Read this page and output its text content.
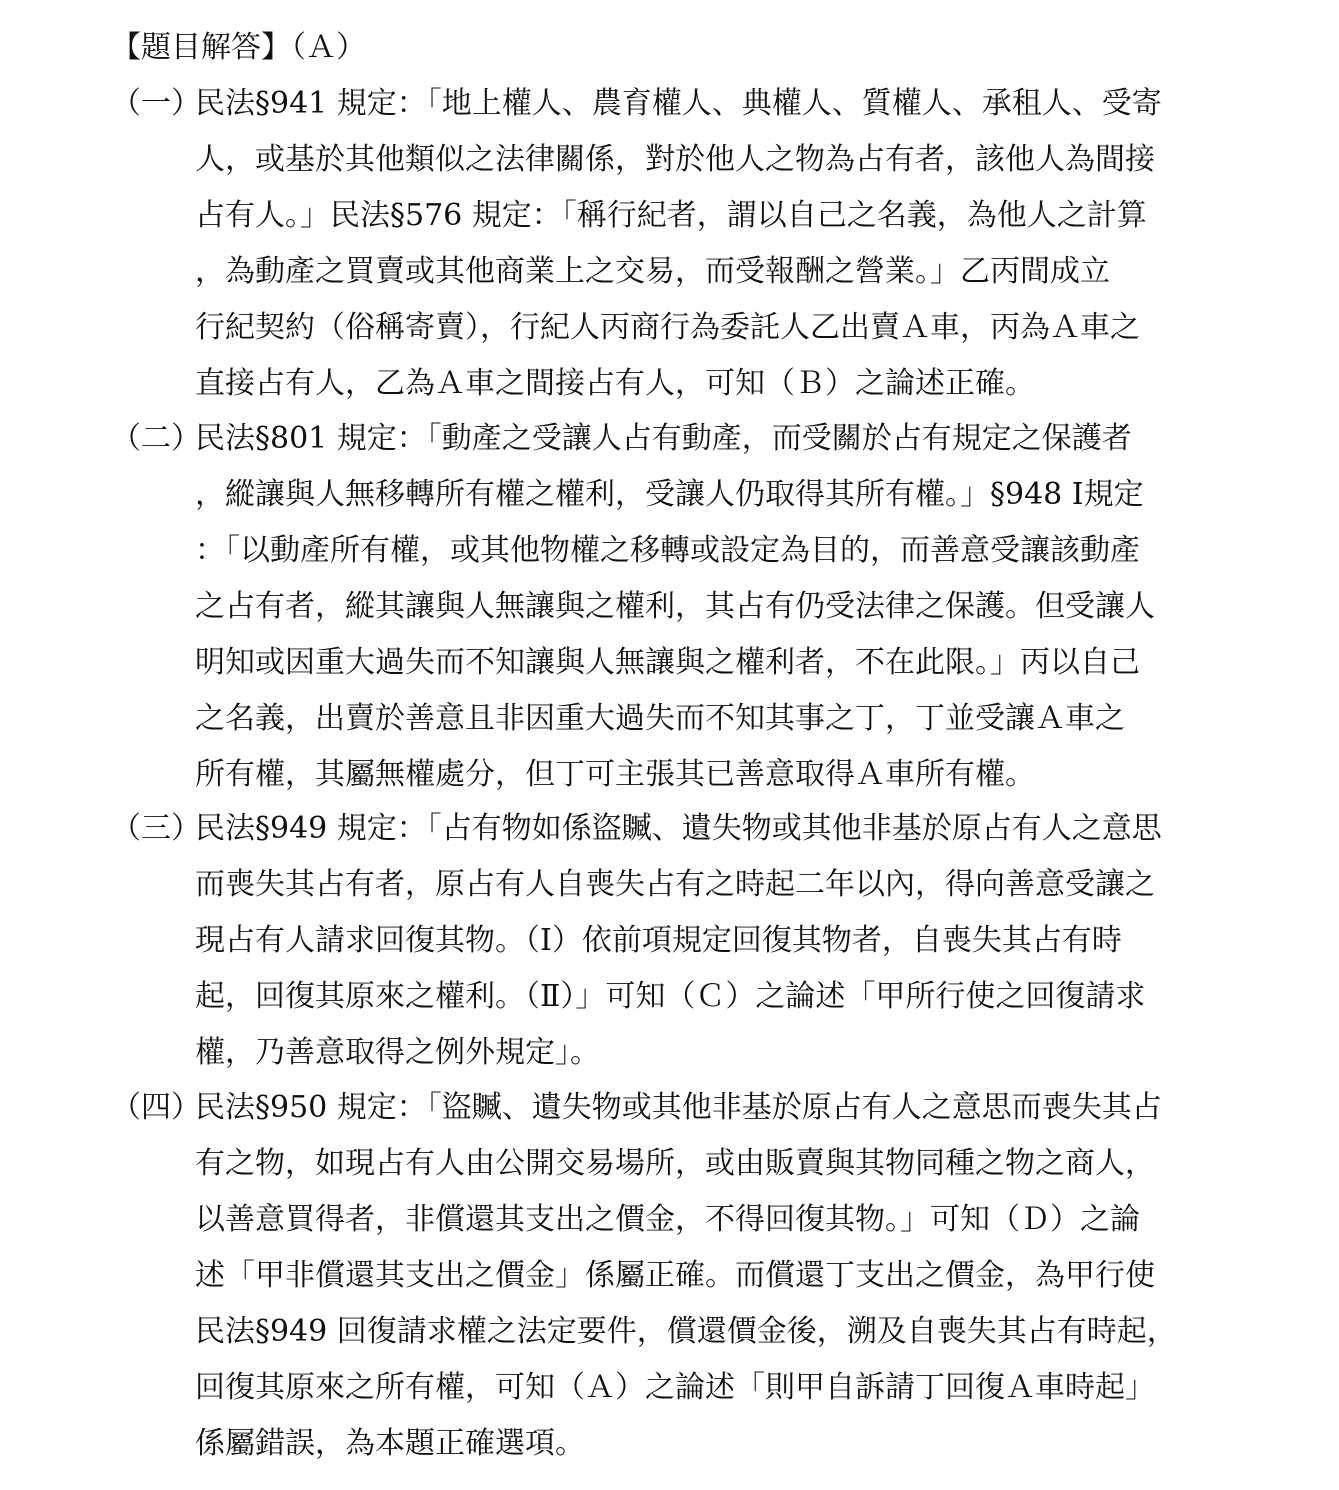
【題目解答】（Ａ）
（一）
民法§941 規定：「地上權人、農育權人、典權人、質權人、承租人、受寄
人，或基於其他類似之法律關係，對於他人之物為占有者，該他人為間接
占有人。」民法§576 規定：「稱行紀者，謂以自己之名義，為他人之計算
，為動產之買賣或其他商業上之交易，而受報酬之營業。」乙丙間成立
行紀契約（俗稱寄賣），行紀人丙商行為委託人乙出賣Ａ車，丙為Ａ車之
直接占有人，乙為Ａ車之間接占有人，可知（Ｂ）之論述正確。
（二）
民法§801 規定：「動產之受讓人占有動產，而受關於占有規定之保護者
，縱讓與人無移轉所有權之權利，受讓人仍取得其所有權。」§948 Ⅰ規定
：「以動產所有權，或其他物權之移轉或設定為目的，而善意受讓該動產
之占有者，縱其讓與人無讓與之權利，其占有仍受法律之保護。但受讓人
明知或因重大過失而不知讓與人無讓與之權利者，不在此限。」丙以自己
之名義，出賣於善意且非因重大過失而不知其事之丁，丁並受讓Ａ車之
所有權，其屬無權處分，但丁可主張其已善意取得Ａ車所有權。
（三）
民法§949 規定：「占有物如係盜贓、遺失物或其他非基於原占有人之意思
而喪失其占有者，原占有人自喪失占有之時起二年以內，得向善意受讓之
現占有人請求回復其物。（Ⅰ）依前項規定回復其物者，自喪失其占有時
起，回復其原來之權利。（Ⅱ）」可知（Ｃ）之論述「甲所行使之回復請求
權，乃善意取得之例外規定」。
（四）
民法§950 規定：「盜贓、遺失物或其他非基於原占有人之意思而喪失其占
有之物，如現占有人由公開交易場所，或由販賣與其物同種之物之商人，
以善意買得者，非償還其支出之價金，不得回復其物。」可知（Ｄ）之論
述「甲非償還其支出之價金」係屬正確。而償還丁支出之價金，為甲行使
民法§949 回復請求權之法定要件，償還價金後，溯及自喪失其占有時起，
回復其原來之所有權，可知（Ａ）之論述「則甲自訴請丁回復Ａ車時起」
係屬錯誤，為本題正確選項。
